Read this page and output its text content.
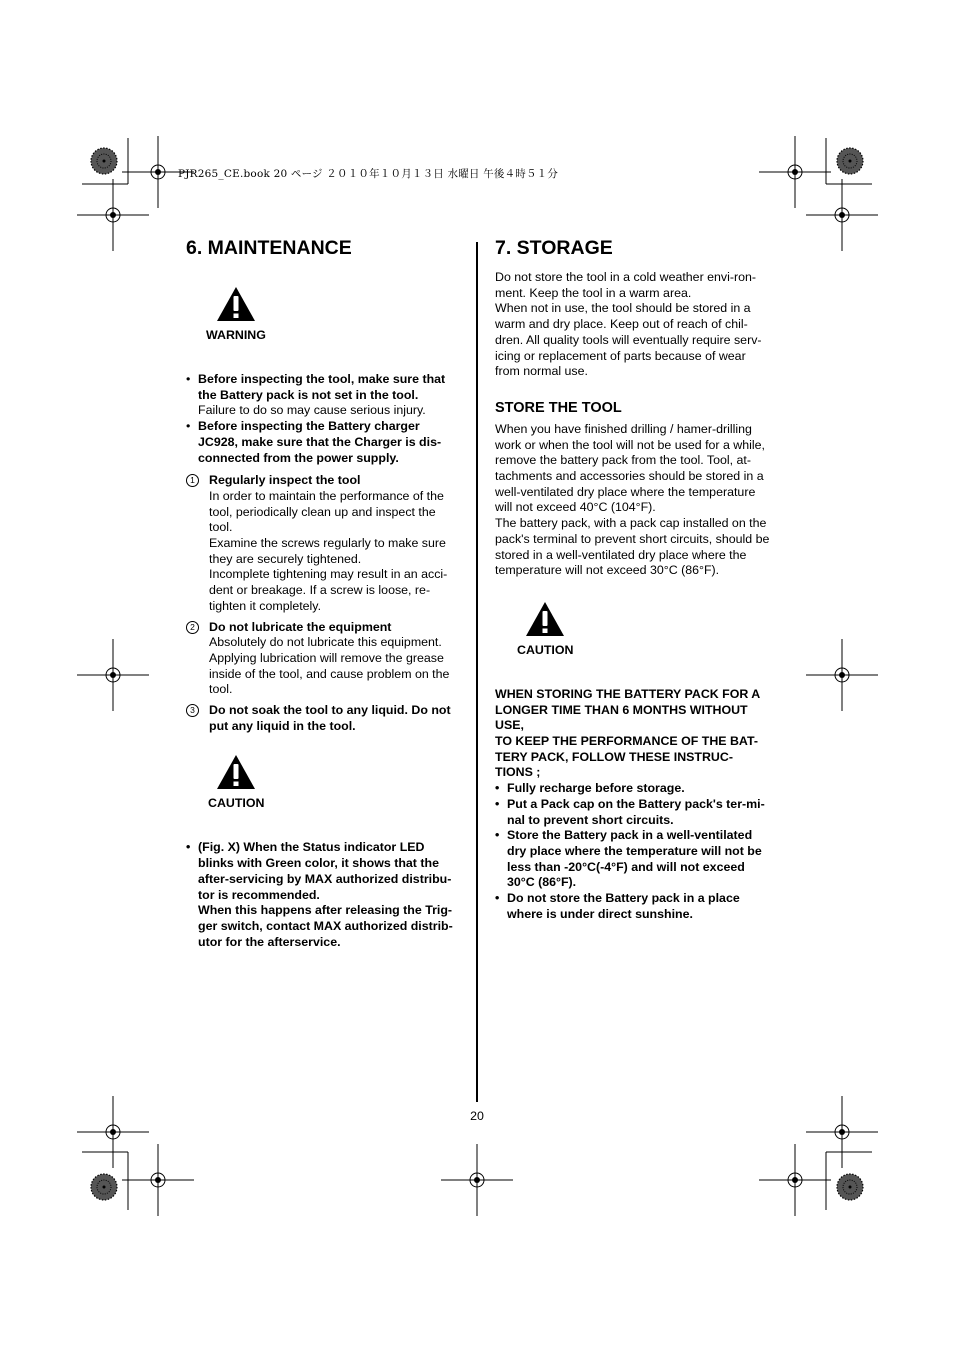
PJR265_CE.book 20 ページ ２０１０年１０月１３日 水曜日 午後４時５１分
6. MAINTENANCE
WARNING
• Before inspecting the tool, make sure that the Battery pack is not set in the tool.
Failure to do so may cause serious injury.
• Before inspecting the Battery charger JC928, make sure that the Charger is dis-connected from the power supply.
1	Regularly inspect the tool

In order to maintain the performance of the tool, periodically clean up and inspect the tool.

Examine the screws regularly to make sure they are securely tightened.

Incomplete tightening may result in an acci-dent or breakage. If a screw is loose, re-tighten it completely.

2	Do not lubricate the equipment

Absolutely do not lubricate this equipment. Applying lubrication will remove the grease inside of the tool, and cause problem on the tool.

3	Do not soak the tool to any liquid. Do not put any liquid in the tool.

CAUTION
• (Fig. X) When the Status indicator LED blinks with Green color, it shows that the after-servicing by MAX authorized distribu-tor is recommended.
When this happens after releasing the Trig-ger switch, contact MAX authorized distrib-utor for the afterservice.
7. STORAGE

Do not store the tool in a cold weather envi-ron-ment. Keep the tool in a warm area.

When not in use, the tool should be stored in a warm and dry place. Keep out of reach of chil-dren. All quality tools will eventually require serv-icing or replacement of parts because of wear from normal use.

STORE THE TOOL

When you have finished drilling / hamer-drilling work or when the tool will not be used for a while, remove the battery pack from the tool. Tool, at-tachments and accessories should be stored in a well-ventilated dry place where the temperature will not exceed 40°C (104°F).

The battery pack, with a pack cap installed on the pack's terminal to prevent short circuits, should be stored in a well-ventilated dry place where the temperature will not exceed 30°C (86°F).

CAUTION

WHEN STORING THE BATTERY PACK FOR A LONGER TIME THAN 6 MONTHS WITHOUT USE,

TO KEEP THE PERFORMANCE OF THE BAT-TERY PACK, FOLLOW THESE INSTRUC-TIONS ;

• Fully recharge before storage.
• Put a Pack cap on the Battery pack's ter-mi-nal to prevent short circuits.
• Store the Battery pack in a well-ventilated dry place where the temperature will not be less than -20°C(-4°F) and will not exceed 30°C (86°F).
• Do not store the Battery pack in a place where is under direct sunshine.
20
